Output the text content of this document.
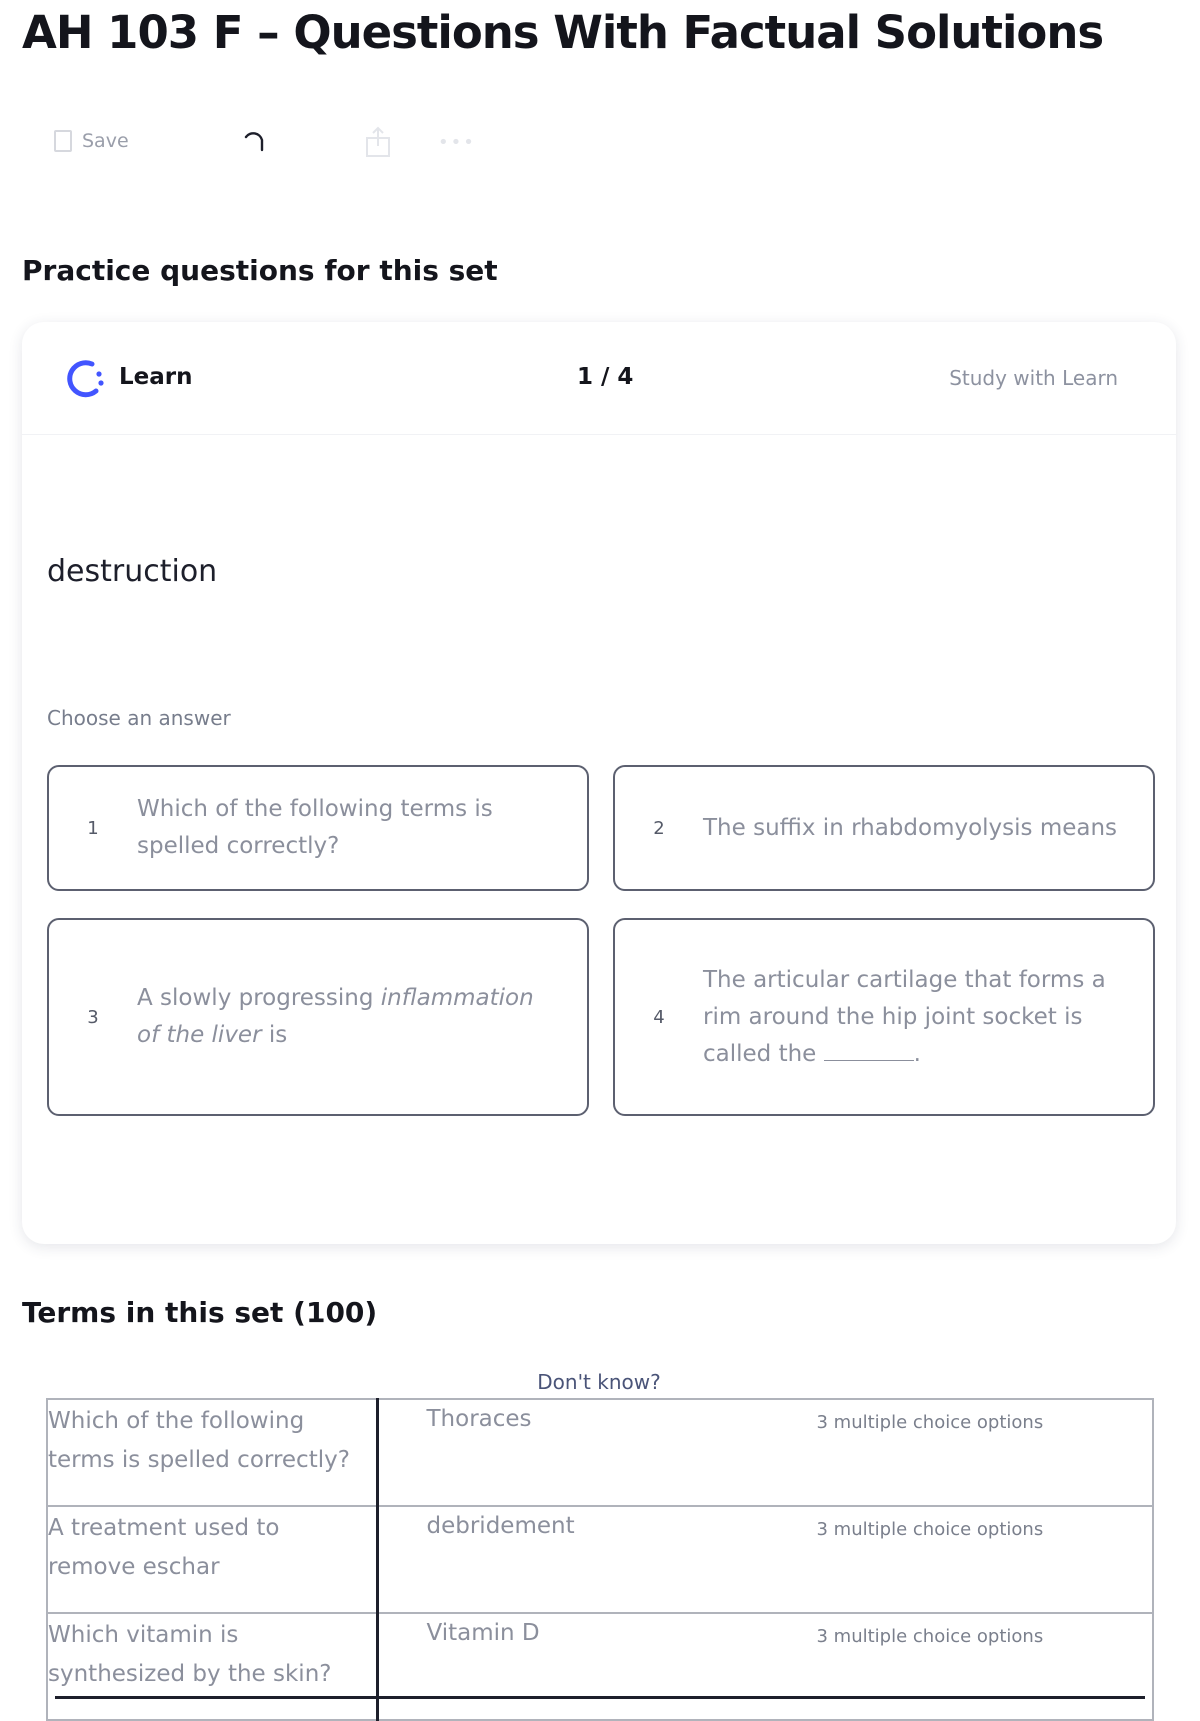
AH 103 F – Questions With Factual Solutions
Save	•••
Practice questions for this set
Learn	1 / 4	Study with Learn
destruction
Choose an answer
1
Which of the following terms is spelled correctly?
2	The suffix in rhabdomyolysis means
3
A slowly progressing inflammation of the liver is
4
The articular cartilage that forms a rim around the hip joint socket is called the	.
Don't know?
Terms in this set (100)
Which of the following terms is spelled correctly?	Thoraces	3 multiple choice options
A treatment used to remove eschar	debridement	3 multiple choice options
Which vitamin is synthesized by the skin?	Vitamin D	3 multiple choice options
